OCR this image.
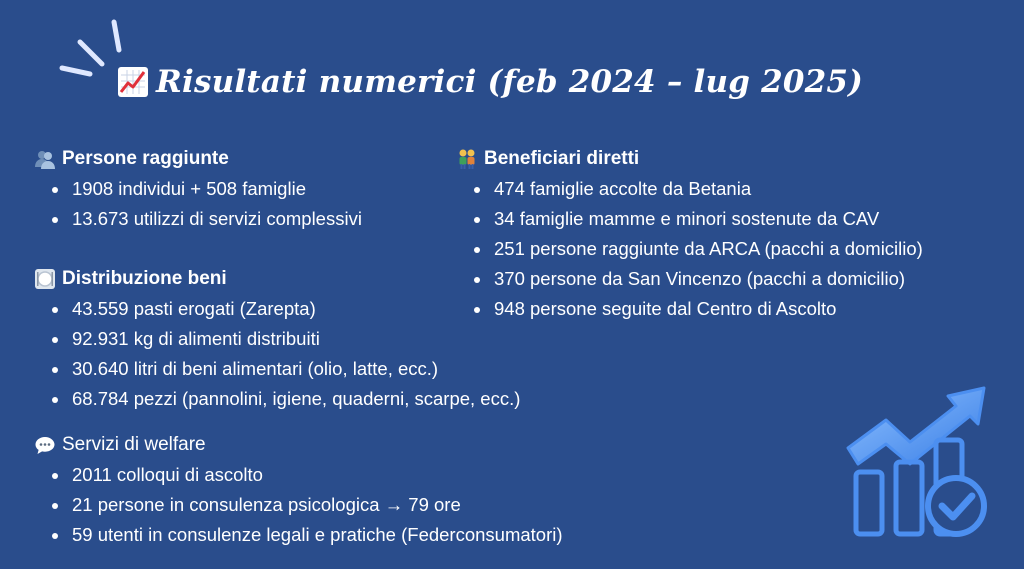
Risultati numerici (feb 2024 – lug 2025)
Persone raggiunte
1908 individui + 508 famiglie
13.673 utilizzi di servizi complessivi
Distribuzione beni
43.559 pasti erogati (Zarepta)
92.931 kg di alimenti distribuiti
30.640 litri di beni alimentari (olio, latte, ecc.)
68.784 pezzi (pannolini, igiene, quaderni, scarpe, ecc.)
Servizi di welfare
2011 colloqui di ascolto
21 persone in consulenza psicologica → 79 ore
59 utenti in consulenze legali e pratiche (Federconsumatori)
Beneficiari diretti
474 famiglie accolte da Betania
34 famiglie mamme e minori sostenute da CAV
251 persone raggiunte da ARCA (pacchi a domicilio)
370 persone da San Vincenzo (pacchi a domicilio)
948 persone seguite dal Centro di Ascolto
